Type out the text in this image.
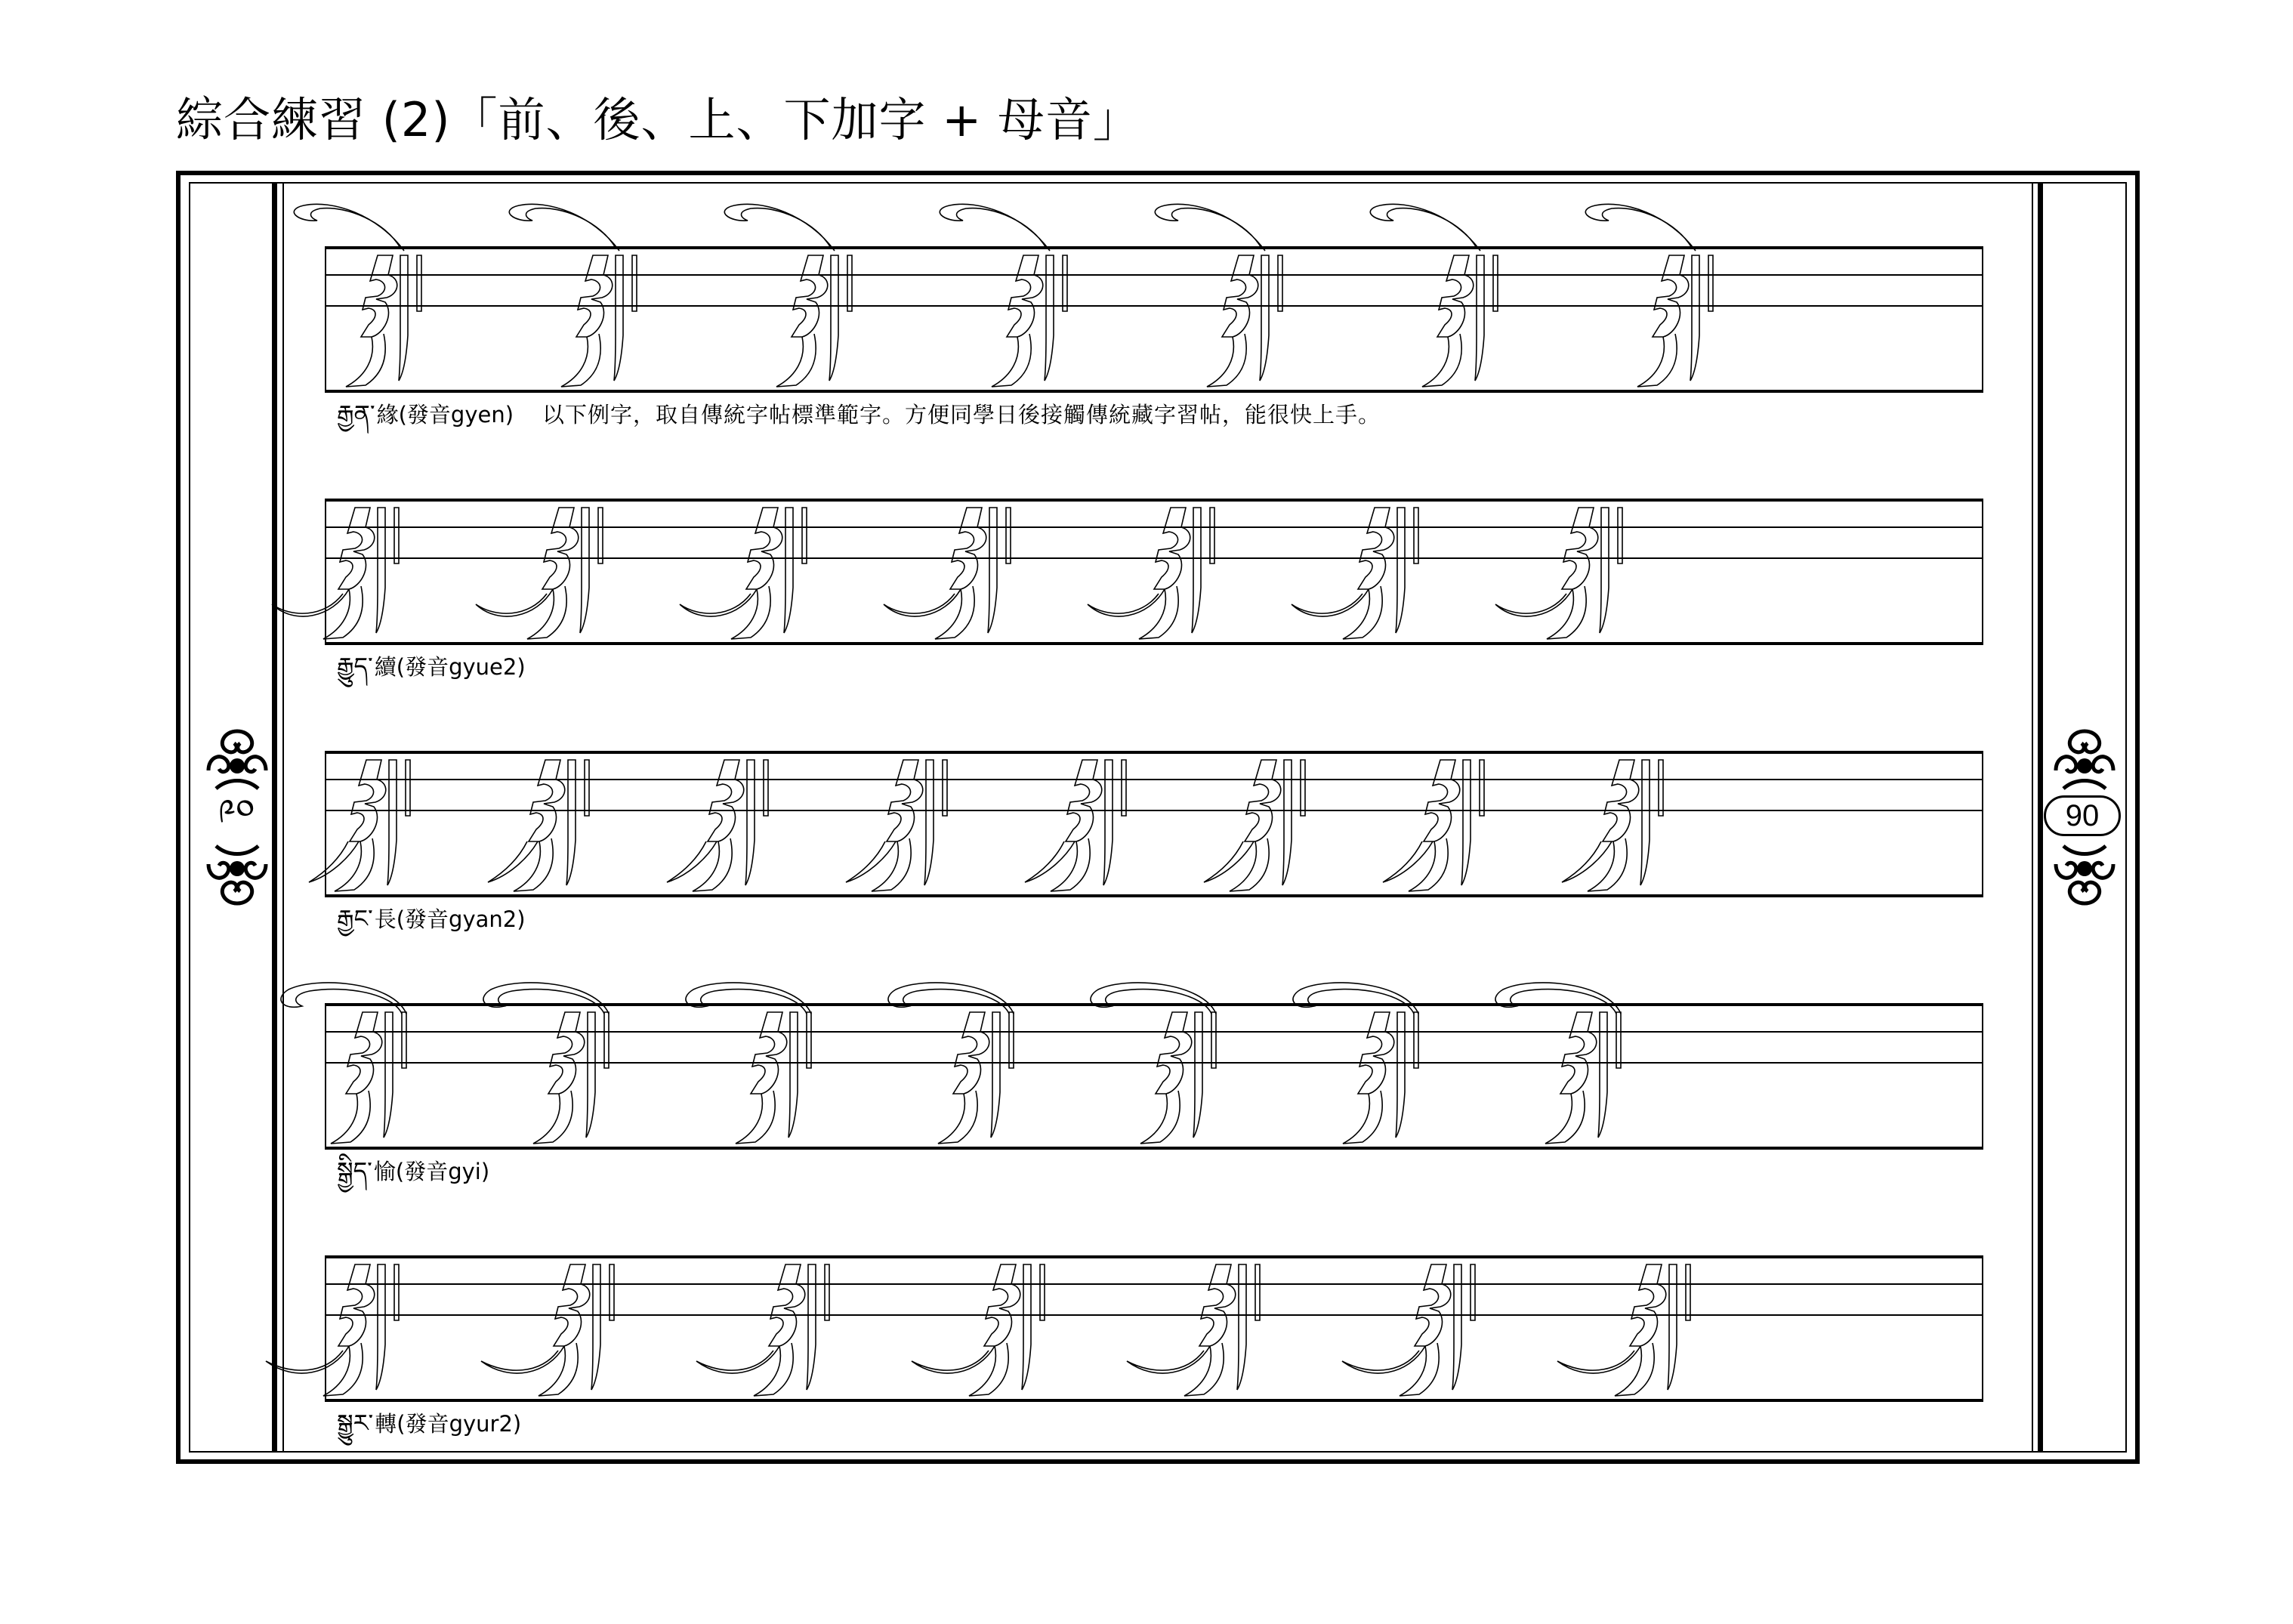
綜合練習 (2)「前、後、上、下加字 + 母音」
༩༠	90
རྒྱན་緣(發音gyen) 以下例字，取自傳統字帖標準範字。方便同學日後接觸傳統藏字習帖，能很快上手。
རྒྱུད་續(發音gyue2)
རྒྱང་長(發音gyan2)
སྒྱིད་愉(發音gyi)
སྒྱུར་轉(發音gyur2)
